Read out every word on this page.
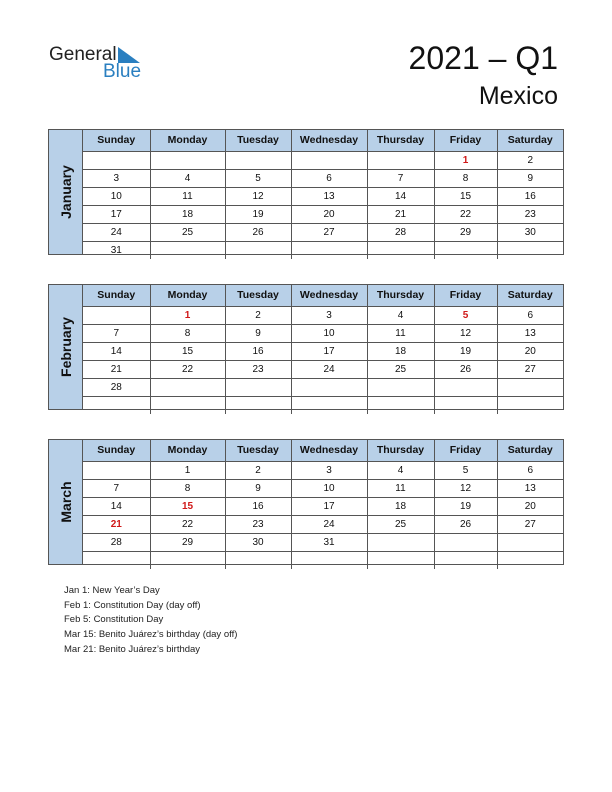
General
Blue	2021 – Q1
Mexico
January
Sunday	Monday	Tuesday	Wednesday	Thursday	Friday	Saturday
					1	2
3	4	5	6	7	8	9
10	11	12	13	14	15	16
17	18	19	20	21	22	23
24	25	26	27	28	29	30
31						
February
Sunday	Monday	Tuesday	Wednesday	Thursday	Friday	Saturday
	1	2	3	4	5	6
7	8	9	10	11	12	13
14	15	16	17	18	19	20
21	22	23	24	25	26	27
28						

March
Sunday	Monday	Tuesday	Wednesday	Thursday	Friday	Saturday
	1	2	3	4	5	6
7	8	9	10	11	12	13
14	15	16	17	18	19	20
21	22	23	24	25	26	27
28	29	30	31			

Jan 1: New Year’s Day
Feb 1: Constitution Day (day off)
Feb 5: Constitution Day
Mar 15: Benito Juárez’s birthday (day off)
Mar 21: Benito Juárez’s birthday
